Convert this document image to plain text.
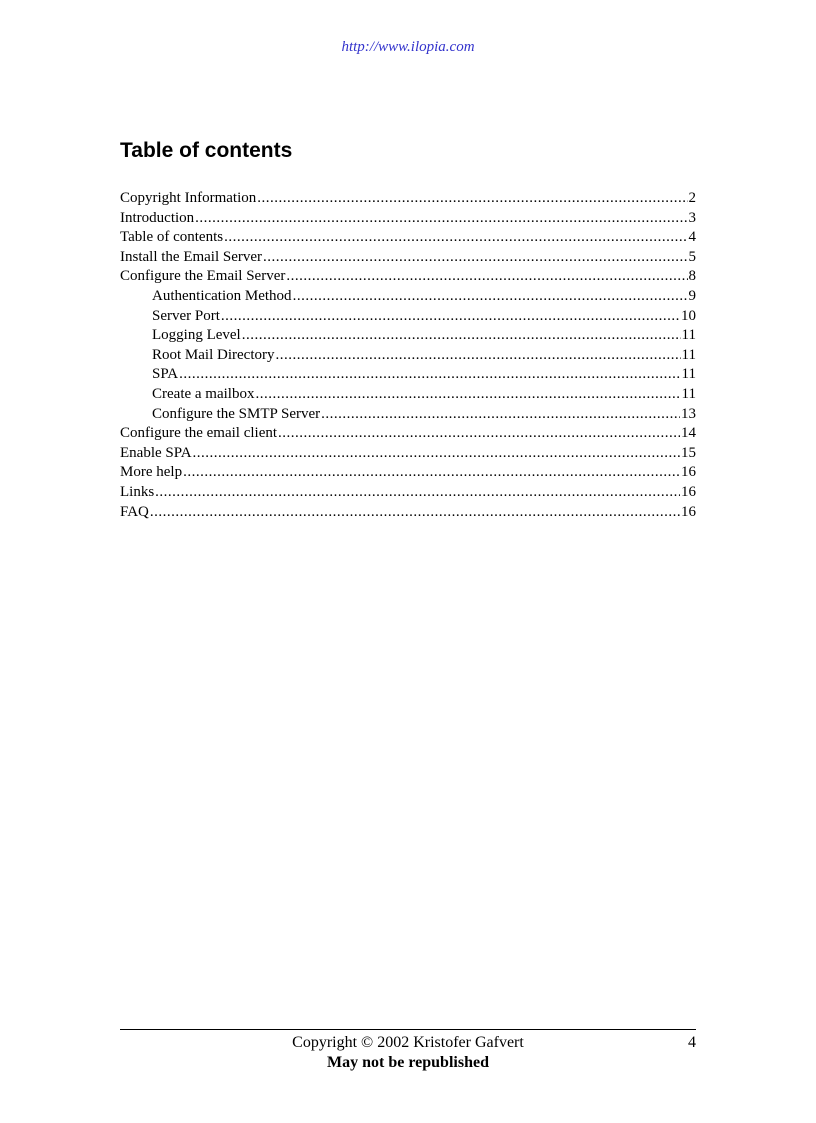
http://www.ilopia.com
Table of contents
Copyright Information .....	2
Introduction .....	3
Table of contents .....	4
Install the Email Server .....	5
Configure the Email Server .....	8
Authentication Method .....	9
Server Port .....	10
Logging Level .....	11
Root Mail Directory .....	11
SPA .....	11
Create a mailbox .....	11
Configure the SMTP Server .....	13
Configure the email client .....	14
Enable SPA .....	15
More help .....	16
Links .....	16
FAQ .....	16
Copyright © 2002 Kristofer Gafvert	4
May not be republished
